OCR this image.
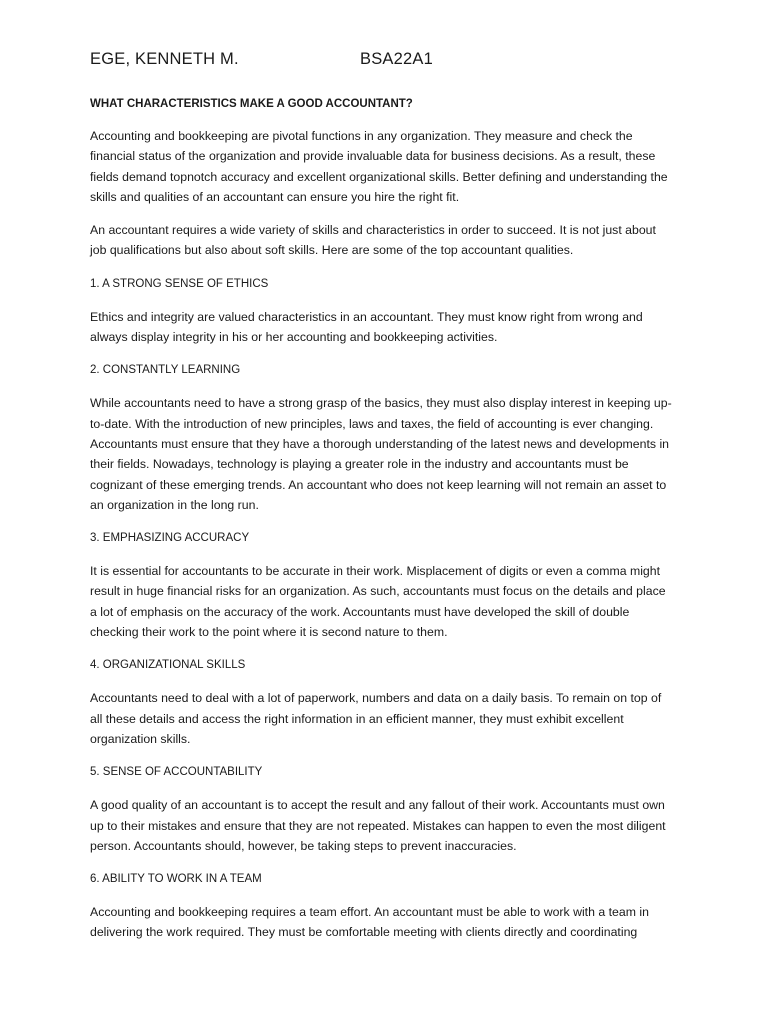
EGE, KENNETH M.	BSA22A1
WHAT CHARACTERISTICS MAKE A GOOD ACCOUNTANT?

Accounting and bookkeeping are pivotal functions in any organization. They measure and check the financial status of the organization and provide invaluable data for business decisions. As a result, these fields demand topnotch accuracy and excellent organizational skills. Better defining and understanding the skills and qualities of an accountant can ensure you hire the right fit.

An accountant requires a wide variety of skills and characteristics in order to succeed. It is not just about job qualifications but also about soft skills. Here are some of the top accountant qualities.

1. A STRONG SENSE OF ETHICS

Ethics and integrity are valued characteristics in an accountant. They must know right from wrong and always display integrity in his or her accounting and bookkeeping activities.

2. CONSTANTLY LEARNING

While accountants need to have a strong grasp of the basics, they must also display interest in keeping up-to-date. With the introduction of new principles, laws and taxes, the field of accounting is ever changing. Accountants must ensure that they have a thorough understanding of the latest news and developments in their fields. Nowadays, technology is playing a greater role in the industry and accountants must be cognizant of these emerging trends. An accountant who does not keep learning will not remain an asset to an organization in the long run.

3. EMPHASIZING ACCURACY

It is essential for accountants to be accurate in their work. Misplacement of digits or even a comma might result in huge financial risks for an organization. As such, accountants must focus on the details and place a lot of emphasis on the accuracy of the work. Accountants must have developed the skill of double checking their work to the point where it is second nature to them.

4. ORGANIZATIONAL SKILLS

Accountants need to deal with a lot of paperwork, numbers and data on a daily basis. To remain on top of all these details and access the right information in an efficient manner, they must exhibit excellent organization skills.

5. SENSE OF ACCOUNTABILITY

A good quality of an accountant is to accept the result and any fallout of their work. Accountants must own up to their mistakes and ensure that they are not repeated. Mistakes can happen to even the most diligent person. Accountants should, however, be taking steps to prevent inaccuracies.

6. ABILITY TO WORK IN A TEAM

Accounting and bookkeeping requires a team effort. An accountant must be able to work with a team in delivering the work required. They must be comfortable meeting with clients directly and coordinating
